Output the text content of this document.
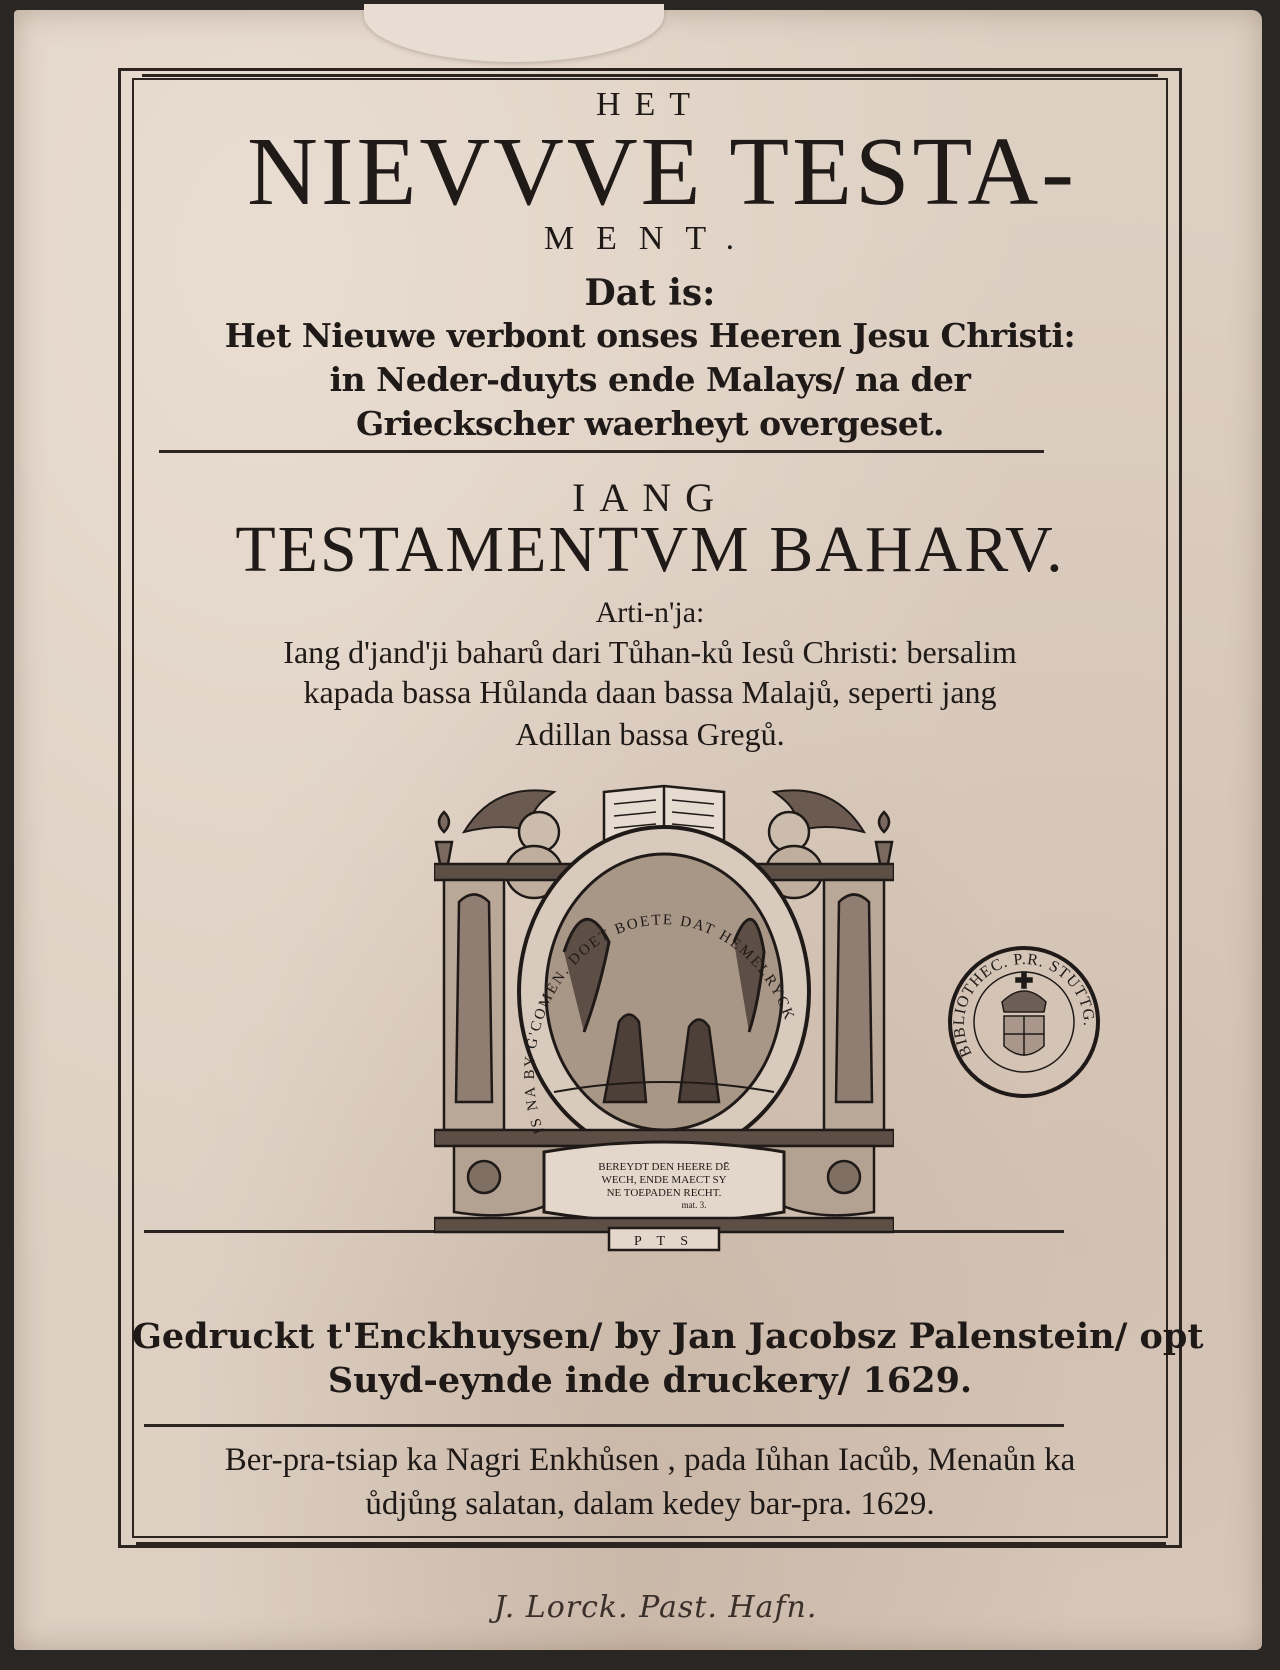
HET
NIEVVVE TESTA-
MENT.
Dat is:
Het Nieuwe verbont onses Heeren Jesu Christi:
in Neder-duyts ende Malays/ na der
Grieckscher waerheyt overgeset.
IANG
TESTAMENTVM BAHARV.
Arti-n'ja:
Iang d'jand'ji baharů dari Tůhan-ků Iesů Christi: bersalim
kapada bassa Hůlanda daan bassa Malajů, seperti jang
Adillan bassa Gregů.
IS NA BY G'COMEN. DOET BOETE DAT HEMELRYCK
BEREYDT DEN HEERE DĒ
WECH, ENDE MAECT SY
NE TOEPADEN RECHT.
mat. 3.
P T S
BIBLIOTHEC. P.R. STUTTG.
Gedruckt t'Enckhuysen/ by Jan Jacobsz Palenstein/ opt
Suyd-eynde inde druckery/ 1629.
Ber-pra-tsiap ka Nagri Enkhůsen , pada Iůhan Iacůb, Menaůn ka
ůdjůng salatan, dalam kedey bar-pra. 1629.
J. Lorck. Past. Hafn.
